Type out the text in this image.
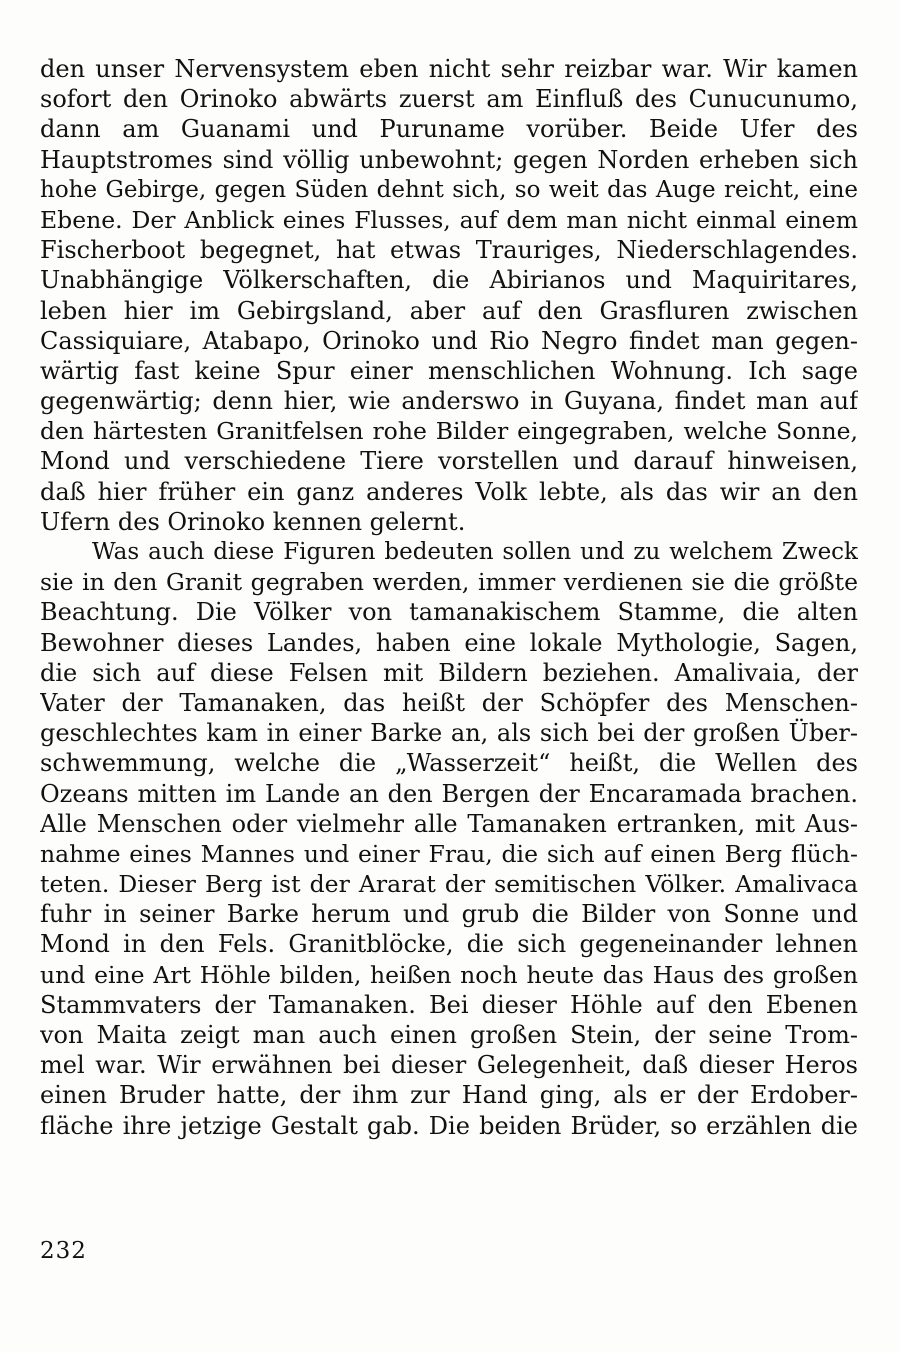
den unser Nervensystem eben nicht sehr reizbar war. Wir kamen
sofort den Orinoko abwärts zuerst am Einfluß des Cunucunumo,
dann am Guanami und Puruname vorüber. Beide Ufer des
Hauptstromes sind völlig unbewohnt; gegen Norden erheben sich
hohe Gebirge, gegen Süden dehnt sich, so weit das Auge reicht, eine
Ebene. Der Anblick eines Flusses, auf dem man nicht einmal einem
Fischerboot begegnet, hat etwas Trauriges, Niederschlagendes.
Unabhängige Völkerschaften, die Abirianos und Maquiritares,
leben hier im Gebirgsland, aber auf den Grasfluren zwischen
Cassiquiare, Atabapo, Orinoko und Rio Negro findet man gegen-
wärtig fast keine Spur einer menschlichen Wohnung. Ich sage
gegenwärtig; denn hier, wie anderswo in Guyana, findet man auf
den härtesten Granitfelsen rohe Bilder eingegraben, welche Sonne,
Mond und verschiedene Tiere vorstellen und darauf hinweisen,
daß hier früher ein ganz anderes Volk lebte, als das wir an den
Ufern des Orinoko kennen gelernt.
Was auch diese Figuren bedeuten sollen und zu welchem Zweck
sie in den Granit gegraben werden, immer verdienen sie die größte
Beachtung. Die Völker von tamanakischem Stamme, die alten
Bewohner dieses Landes, haben eine lokale Mythologie, Sagen,
die sich auf diese Felsen mit Bildern beziehen. Amalivaia, der
Vater der Tamanaken, das heißt der Schöpfer des Menschen-
geschlechtes kam in einer Barke an, als sich bei der großen Über-
schwemmung, welche die „Wasserzeit“ heißt, die Wellen des
Ozeans mitten im Lande an den Bergen der Encaramada brachen.
Alle Menschen oder vielmehr alle Tamanaken ertranken, mit Aus-
nahme eines Mannes und einer Frau, die sich auf einen Berg flüch-
teten. Dieser Berg ist der Ararat der semitischen Völker. Amalivaca
fuhr in seiner Barke herum und grub die Bilder von Sonne und
Mond in den Fels. Granitblöcke, die sich gegeneinander lehnen
und eine Art Höhle bilden, heißen noch heute das Haus des großen
Stammvaters der Tamanaken. Bei dieser Höhle auf den Ebenen
von Maita zeigt man auch einen großen Stein, der seine Trom-
mel war. Wir erwähnen bei dieser Gelegenheit, daß dieser Heros
einen Bruder hatte, der ihm zur Hand ging, als er der Erdober-
fläche ihre jetzige Gestalt gab. Die beiden Brüder, so erzählen die
232
